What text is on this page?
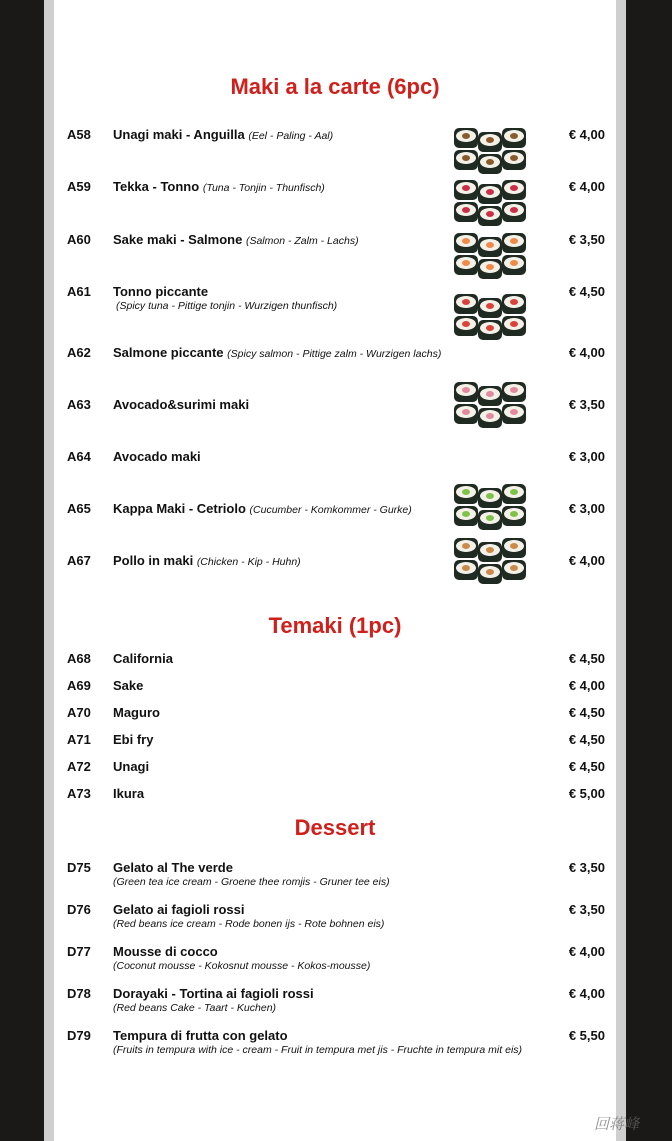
Maki a la carte (6pc)
A58 Unagi maki - Anguilla (Eel - Paling - Aal)	€ 4,00
A59 Tekka - Tonno (Tuna - Tonjin - Thunfisch)	€ 4,00
A60 Sake maki - Salmone (Salmon - Zalm - Lachs)	€ 3,50
A61 Tonno piccante
(Spicy tuna - Pittige tonjin - Wurzigen thunfisch)
€ 4,50
A62 Salmone piccante (Spicy salmon - Pittige zalm - Wurzigen lachs)	€ 4,00
A63 Avocado&surimi maki	€ 3,50
A64 Avocado maki	€ 3,00
A65 Kappa Maki - Cetriolo (Cucumber - Komkommer - Gurke)	€ 3,00
A67 Pollo in maki (Chicken - Kip - Huhn)	€ 4,00
Temaki (1pc)
A68 California	€ 4,50
A69 Sake	€ 4,00
A70 Maguro	€ 4,50
A71 Ebi fry	€ 4,50
A72 Unagi	€ 4,50
A73 Ikura	€ 5,00
Dessert
D75 Gelato al The verde
(Green tea ice cream - Groene thee romjis - Gruner tee eis)
€ 3,50
D76 Gelato ai fagioli rossi
(Red beans ice cream - Rode bonen ijs - Rote bohnen eis)
€ 3,50
D77 Mousse di cocco
(Coconut mousse - Kokosnut mousse - Kokos-mousse)
€ 4,00
D78 Dorayaki - Tortina ai fagioli rossi
(Red beans Cake - Taart - Kuchen)
€ 4,00
D79 Tempura di frutta con gelato
(Fruits in tempura with ice - cream - Fruit in tempura met jis - Fruchte in tempura mit eis)
€ 5,50
回蒋峰
